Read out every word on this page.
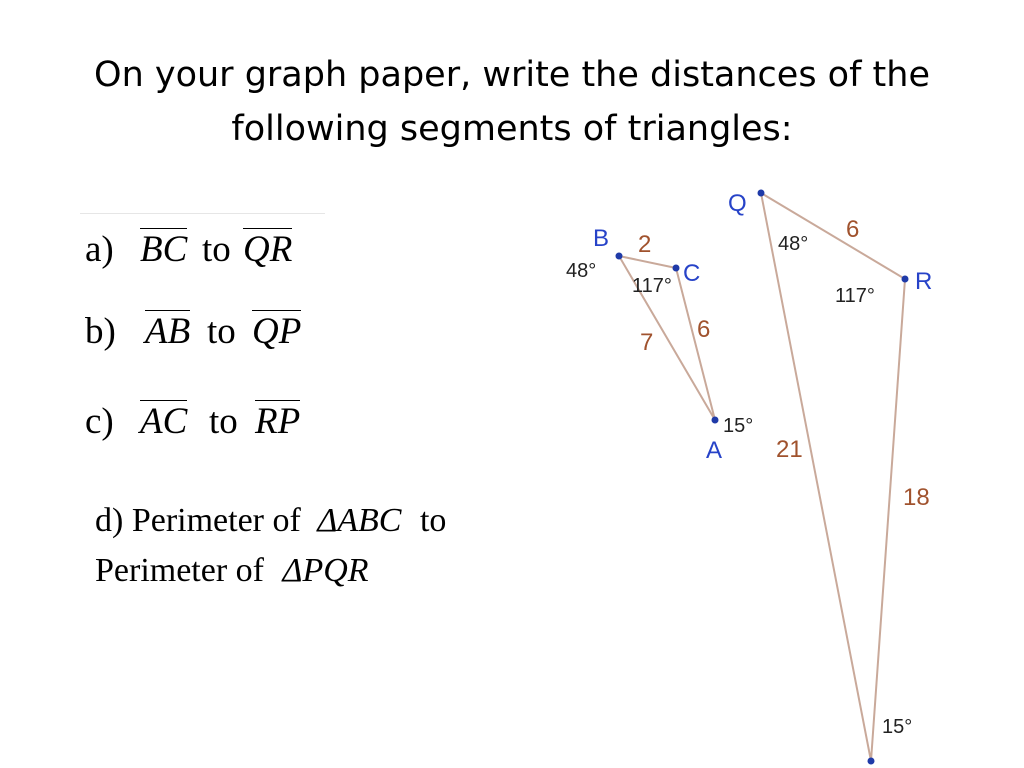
On your graph paper, write the distances of the
following segments of triangles:
a) BC to QR
b) AB to QP
c) AC to RP
d) Perimeter of ΔABC to
Perimeter of ΔPQR
B
C
A
48°
117°
15°
2
6
7
Q
R
48°
117°
15°
6
18
21
